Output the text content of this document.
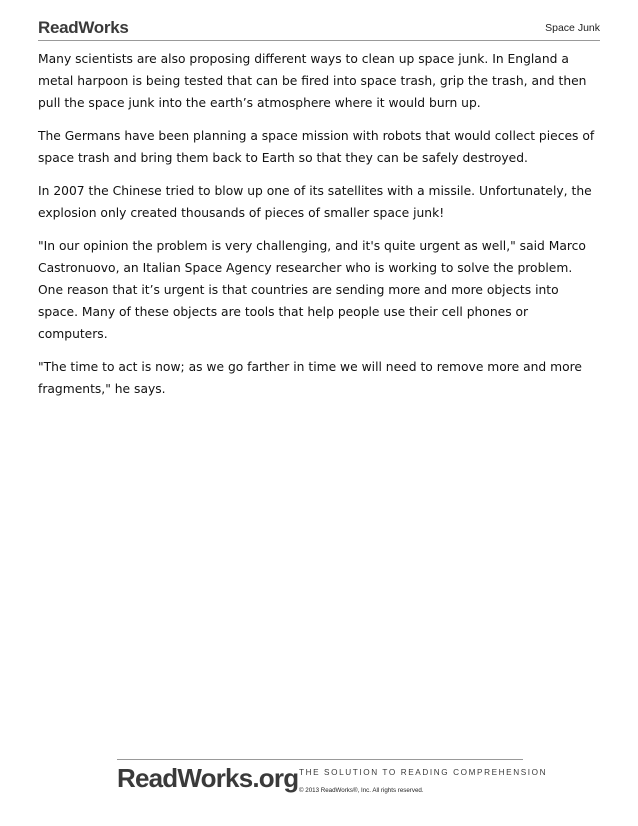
ReadWorks	Space Junk

Many scientists are also proposing different ways to clean up space junk. In England a metal harpoon is being tested that can be fired into space trash, grip the trash, and then pull the space junk into the earth’s atmosphere where it would burn up.

The Germans have been planning a space mission with robots that would collect pieces of space trash and bring them back to Earth so that they can be safely destroyed.

In 2007 the Chinese tried to blow up one of its satellites with a missile. Unfortunately, the explosion only created thousands of pieces of smaller space junk!

"In our opinion the problem is very challenging, and it's quite urgent as well," said Marco Castronuovo, an Italian Space Agency researcher who is working to solve the problem. One reason that it’s urgent is that countries are sending more and more objects into space. Many of these objects are tools that help people use their cell phones or computers.

"The time to act is now; as we go farther in time we will need to remove more and more fragments," he says.

ReadWorks.org THE SOLUTION TO READING COMPREHENSION
© 2013 ReadWorks®, Inc. All rights reserved.
